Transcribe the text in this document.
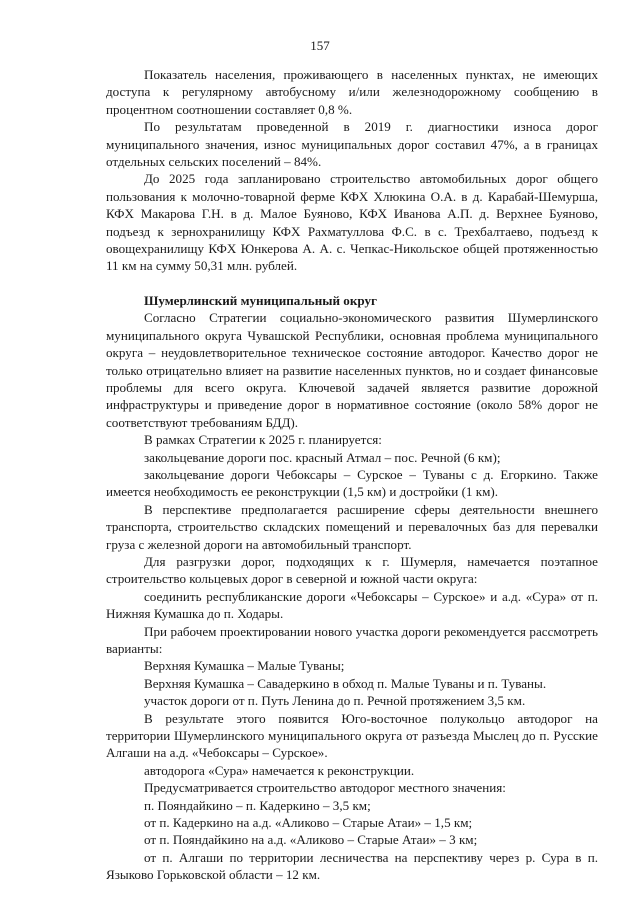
157

Показатель населения, проживающего в населенных пунктах, не имеющих доступа к регулярному автобусному и/или железнодорожному сообщению в процентном соотношении составляет 0,8 %.

По результатам проведенной в 2019 г. диагностики износа дорог муниципального значения, износ муниципальных дорог составил 47%, а в границах отдельных сельских поселений – 84%.

До 2025 года запланировано строительство автомобильных дорог общего пользования к молочно-товарной ферме КФХ Хлюкина О.А. в д. Карабай-Шемурша, КФХ Макарова Г.Н. в д. Малое Буяново, КФХ Иванова А.П. д. Верхнее Буяново, подъезд к зернохранилищу КФХ Рахматуллова Ф.С. в с. Трехбалтаево, подъезд к овощехранилищу КФХ Юнкерова А. А. с. Чепкас-Никольское общей протяженностью 11 км на сумму 50,31 млн. рублей.

Шумерлинский муниципальный округ

Согласно Стратегии социально-экономического развития Шумерлинского муниципального округа Чувашской Республики, основная проблема муниципального округа – неудовлетворительное техническое состояние автодорог. Качество дорог не только отрицательно влияет на развитие населенных пунктов, но и создает финансовые проблемы для всего округа. Ключевой задачей является развитие дорожной инфраструктуры и приведение дорог в нормативное состояние (около 58% дорог не соответствуют требованиям БДД).

В рамках Стратегии к 2025 г. планируется:

закольцевание дороги пос. красный Атмал – пос. Речной (6 км);

закольцевание дороги Чебоксары – Сурское – Туваны с д. Егоркино. Также имеется необходимость ее реконструкции (1,5 км) и достройки (1 км).

В перспективе предполагается расширение сферы деятельности внешнего транспорта, строительство складских помещений и перевалочных баз для перевалки груза с железной дороги на автомобильный транспорт.

Для разгрузки дорог, подходящих к г. Шумерля, намечается поэтапное строительство кольцевых дорог в северной и южной части округа:

соединить республиканские дороги «Чебоксары – Сурское» и а.д. «Сура» от п. Нижняя Кумашка до п. Ходары.

При рабочем проектировании нового участка дороги рекомендуется рассмотреть варианты:

Верхняя Кумашка – Малые Туваны;

Верхняя Кумашка – Савадеркино в обход п. Малые Туваны и п. Туваны.

участок дороги от п. Путь Ленина до п. Речной протяжением 3,5 км.

В результате этого появится Юго-восточное полукольцо автодорог на территории Шумерлинского муниципального округа от разъезда Мыслец до п. Русские Алгаши на а.д. «Чебоксары – Сурское».

автодорога «Сура» намечается к реконструкции.

Предусматривается строительство автодорог местного значения:

п. Пояндайкино – п. Кадеркино – 3,5 км;

от п. Кадеркино на а.д. «Аликово – Старые Атаи» – 1,5 км;

от п. Пояндайкино на а.д. «Аликово – Старые Атаи» – 3 км;

от п. Алгаши по территории лесничества на перспективу через р. Сура в п. Языково Горьковской области – 12 км.
